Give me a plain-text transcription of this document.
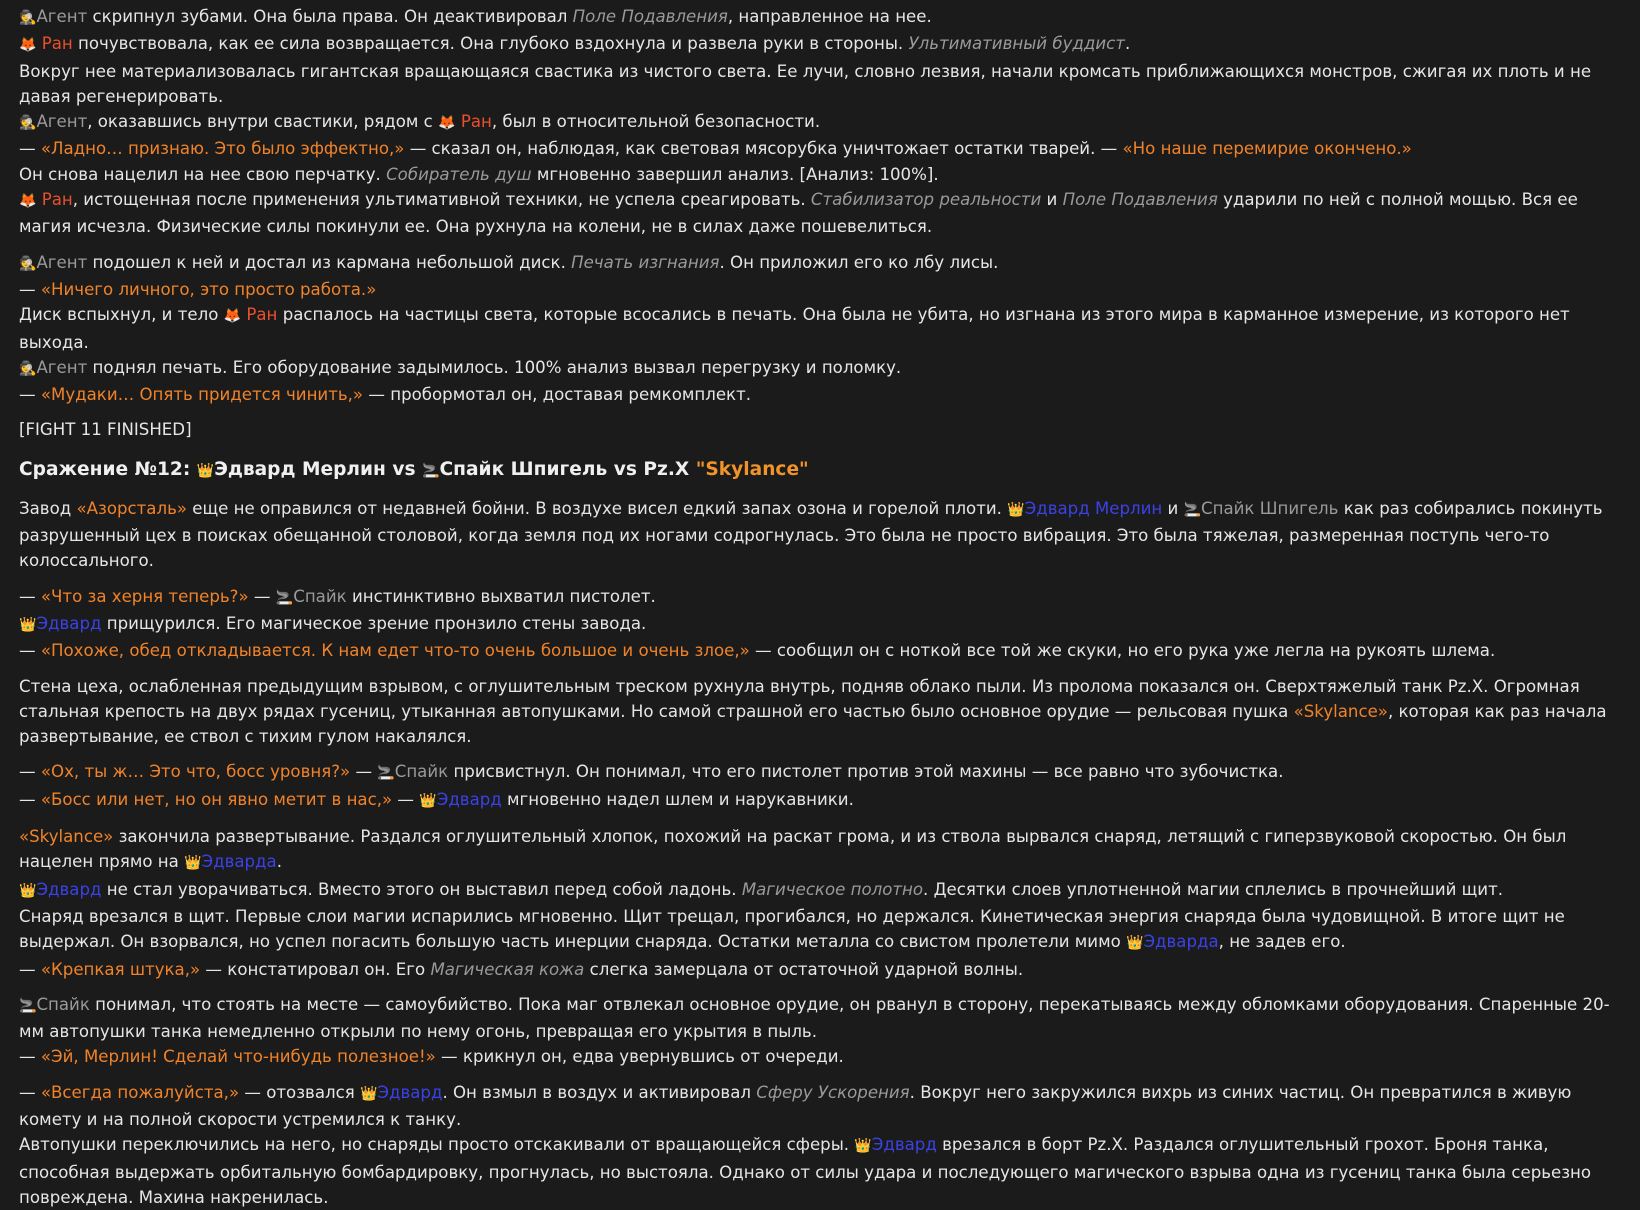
🕵Агент скрипнул зубами. Она была права. Он деактивировал Поле Подавления, направленное на нее.

🦊 Ран почувствовала, как ее сила возвращается. Она глубоко вздохнула и развела руки в стороны. Ультимативный буддист.

Вокруг нее материализовалась гигантская вращающаяся свастика из чистого света. Ее лучи, словно лезвия, начали кромсать приближающихся монстров, сжигая их плоть и не давая регенерировать.

🕵Агент, оказавшись внутри свастики, рядом с 🦊 Ран, был в относительной безопасности.

— «Ладно… признаю. Это было эффектно,» — сказал он, наблюдая, как световая мясорубка уничтожает остатки тварей. — «Но наше перемирие окончено.»

Он снова нацелил на нее свою перчатку. Собиратель душ мгновенно завершил анализ. [Анализ: 100%].

🦊 Ран, истощенная после применения ультимативной техники, не успела среагировать. Стабилизатор реальности и Поле Подавления ударили по ней с полной мощью. Вся ее магия исчезла. Физические силы покинули ее. Она рухнула на колени, не в силах даже пошевелиться.

🕵Агент подошел к ней и достал из кармана небольшой диск. Печать изгнания. Он приложил его ко лбу лисы.

— «Ничего личного, это просто работа.»

Диск вспыхнул, и тело 🦊 Ран распалось на частицы света, которые всосались в печать. Она была не убита, но изгнана из этого мира в карманное измерение, из которого нет выхода.

🕵Агент поднял печать. Его оборудование задымилось. 100% анализ вызвал перегрузку и поломку.

— «Мудаки… Опять придется чинить,» — пробормотал он, доставая ремкомплект.

[FIGHT 11 FINISHED]

Сражение №12: 👑Эдвард Мерлин vs 🚬Спайк Шпигель vs Pz.X "Skylance"

Завод «Азорсталь» еще не оправился от недавней бойни. В воздухе висел едкий запах озона и горелой плоти. 👑Эдвард Мерлин и 🚬Спайк Шпигель как раз собирались покинуть разрушенный цех в поисках обещанной столовой, когда земля под их ногами содрогнулась. Это была не просто вибрация. Это была тяжелая, размеренная поступь чего-то колоссального.

— «Что за херня теперь?» — 🚬Спайк инстинктивно выхватил пистолет.

👑Эдвард прищурился. Его магическое зрение пронзило стены завода.

— «Похоже, обед откладывается. К нам едет что-то очень большое и очень злое,» — сообщил он с ноткой все той же скуки, но его рука уже легла на рукоять шлема.

Стена цеха, ослабленная предыдущим взрывом, с оглушительным треском рухнула внутрь, подняв облако пыли. Из пролома показался он. Сверхтяжелый танк Pz.X. Огромная стальная крепость на двух рядах гусениц, утыканная автопушками. Но самой страшной его частью было основное орудие — рельсовая пушка «Skylance», которая как раз начала развертывание, ее ствол с тихим гулом накалялся.

— «Ох, ты ж… Это что, босс уровня?» — 🚬Спайк присвистнул. Он понимал, что его пистолет против этой махины — все равно что зубочистка.

— «Босс или нет, но он явно метит в нас,» — 👑Эдвард мгновенно надел шлем и нарукавники.

«Skylance» закончила развертывание. Раздался оглушительный хлопок, похожий на раскат грома, и из ствола вырвался снаряд, летящий с гиперзвуковой скоростью. Он был нацелен прямо на 👑Эдварда.

👑Эдвард не стал уворачиваться. Вместо этого он выставил перед собой ладонь. Магическое полотно. Десятки слоев уплотненной магии сплелись в прочнейший щит.

Снаряд врезался в щит. Первые слои магии испарились мгновенно. Щит трещал, прогибался, но держался. Кинетическая энергия снаряда была чудовищной. В итоге щит не выдержал. Он взорвался, но успел погасить большую часть инерции снаряда. Остатки металла со свистом пролетели мимо 👑Эдварда, не задев его.

— «Крепкая штука,» — констатировал он. Его Магическая кожа слегка замерцала от остаточной ударной волны.

🚬Спайк понимал, что стоять на месте — самоубийство. Пока маг отвлекал основное орудие, он рванул в сторону, перекатываясь между обломками оборудования. Спаренные 20-мм автопушки танка немедленно открыли по нему огонь, превращая его укрытия в пыль.

— «Эй, Мерлин! Сделай что-нибудь полезное!» — крикнул он, едва увернувшись от очереди.

— «Всегда пожалуйста,» — отозвался 👑Эдвард. Он взмыл в воздух и активировал Сферу Ускорения. Вокруг него закружился вихрь из синих частиц. Он превратился в живую комету и на полной скорости устремился к танку.

Автопушки переключились на него, но снаряды просто отскакивали от вращающейся сферы. 👑Эдвард врезался в борт Pz.X. Раздался оглушительный грохот. Броня танка, способная выдержать орбитальную бомбардировку, прогнулась, но выстояла. Однако от силы удара и последующего магического взрыва одна из гусениц танка была серьезно повреждена. Махина накренилась.
